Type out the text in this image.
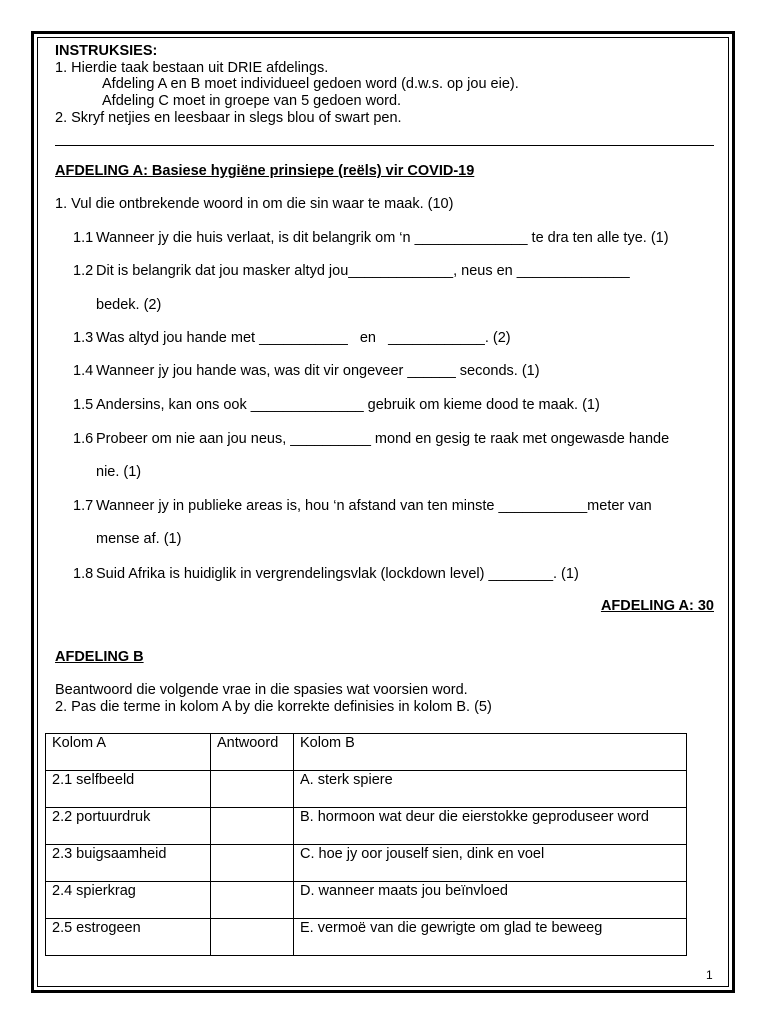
INSTRUKSIES:
1. Hierdie taak bestaan uit DRIE afdelings.
Afdeling A en B moet individueel gedoen word (d.w.s. op jou eie).
Afdeling C moet in groepe van 5 gedoen word.
2. Skryf netjies en leesbaar in slegs blou of swart pen.
AFDELING A: Basiese hygiëne prinsiepe (reëls) vir COVID-19
1. Vul die ontbrekende woord in om die sin waar te maak. (10)
1.1 Wanneer jy die huis verlaat, is dit belangrik om ‘n ______________ te dra ten alle tye. (1)
1.2 Dit is belangrik dat jou masker altyd jou_____________, neus en ______________
bedek. (2)
1.3 Was altyd jou hande met ___________   en   ____________. (2)
1.4 Wanneer jy jou hande was, was dit vir ongeveer ______ seconds. (1)
1.5 Andersins, kan ons ook ______________ gebruik om kieme dood te maak. (1)
1.6 Probeer om nie aan jou neus, __________ mond en gesig te raak met ongewasde hande
nie. (1)
1.7 Wanneer jy in publieke areas is, hou ‘n afstand van ten minste ___________meter van
mense af. (1)
1.8 Suid Afrika is huidiglik in vergrendelingsvlak (lockdown level) ________. (1)
AFDELING A: 30
AFDELING B
Beantwoord die volgende vrae in die spasies wat voorsien word.
2. Pas die terme in kolom A by die korrekte definisies in kolom B. (5)
Kolom A	Antwoord	Kolom B
2.1 selfbeeld		A. sterk spiere
2.2 portuurdruk		B. hormoon wat deur die eierstokke geproduseer word
2.3 buigsaamheid		C. hoe jy oor jouself sien, dink en voel
2.4 spierkrag		D. wanneer maats jou beïnvloed
2.5 estrogeen		E. vermoë van die gewrigte om glad te beweeg
1
